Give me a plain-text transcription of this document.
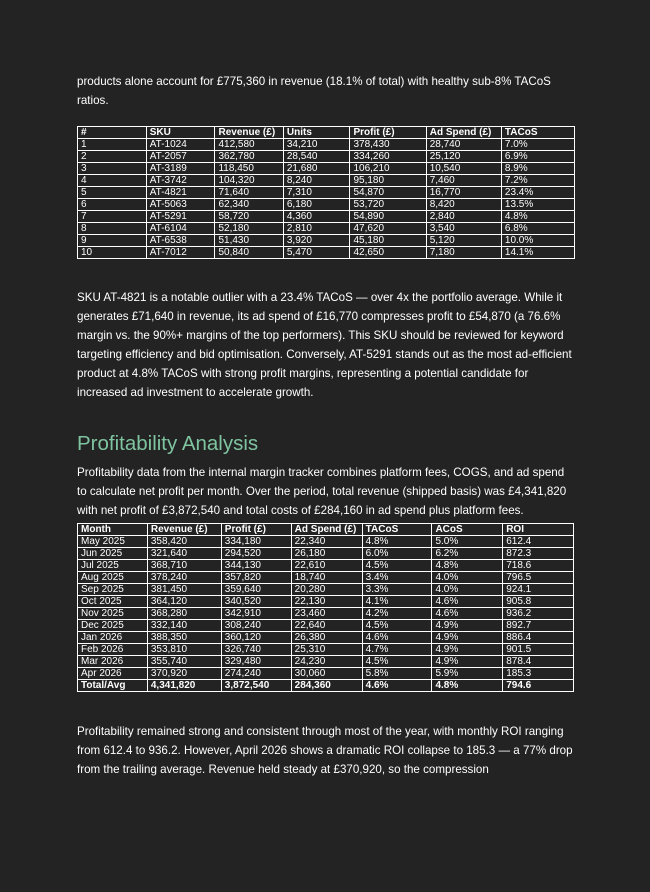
products alone account for £775,360 in revenue (18.1% of total) with healthy sub-8% TACoS ratios.

#	SKU	Revenue (£)	Units	Profit (£)	Ad Spend (£)	TACoS
1	AT-1024	412,580	34,210	378,430	28,740	7.0%
2	AT-2057	362,780	28,540	334,260	25,120	6.9%
3	AT-3189	118,450	21,680	106,210	10,540	8.9%
4	AT-3742	104,320	8,240	95,180	7,460	7.2%
5	AT-4821	71,640	7,310	54,870	16,770	23.4%
6	AT-5063	62,340	6,180	53,720	8,420	13.5%
7	AT-5291	58,720	4,360	54,890	2,840	4.8%
8	AT-6104	52,180	2,810	47,620	3,540	6.8%
9	AT-6538	51,430	3,920	45,180	5,120	10.0%
10	AT-7012	50,840	5,470	42,650	7,180	14.1%

SKU AT-4821 is a notable outlier with a 23.4% TACoS — over 4x the portfolio average. While it generates £71,640 in revenue, its ad spend of £16,770 compresses profit to £54,870 (a 76.6% margin vs. the 90%+ margins of the top performers). This SKU should be reviewed for keyword targeting efficiency and bid optimisation. Conversely, AT-5291 stands out as the most ad-efficient product at 4.8% TACoS with strong profit margins, representing a potential candidate for increased ad investment to accelerate growth.

Profitability Analysis

Profitability data from the internal margin tracker combines platform fees, COGS, and ad spend to calculate net profit per month. Over the period, total revenue (shipped basis) was £4,341,820 with net profit of £3,872,540 and total costs of £284,160 in ad spend plus platform fees.

Month	Revenue (£)	Profit (£)	Ad Spend (£)	TACoS	ACoS	ROI
May 2025	358,420	334,180	22,340	4.8%	5.0%	612.4
Jun 2025	321,640	294,520	26,180	6.0%	6.2%	872.3
Jul 2025	368,710	344,130	22,610	4.5%	4.8%	718.6
Aug 2025	378,240	357,820	18,740	3.4%	4.0%	796.5
Sep 2025	381,450	359,640	20,280	3.3%	4.0%	924.1
Oct 2025	364,120	340,520	22,130	4.1%	4.6%	905.8
Nov 2025	368,280	342,910	23,460	4.2%	4.6%	936.2
Dec 2025	332,140	308,240	22,640	4.5%	4.9%	892.7
Jan 2026	388,350	360,120	26,380	4.6%	4.9%	886.4
Feb 2026	353,810	326,740	25,310	4.7%	4.9%	901.5
Mar 2026	355,740	329,480	24,230	4.5%	4.9%	878.4
Apr 2026	370,920	274,240	30,060	5.8%	5.9%	185.3
Total/Avg	4,341,820	3,872,540	284,360	4.6%	4.8%	794.6

Profitability remained strong and consistent through most of the year, with monthly ROI ranging from 612.4 to 936.2. However, April 2026 shows a dramatic ROI collapse to 185.3 — a 77% drop from the trailing average. Revenue held steady at £370,920, so the compression
